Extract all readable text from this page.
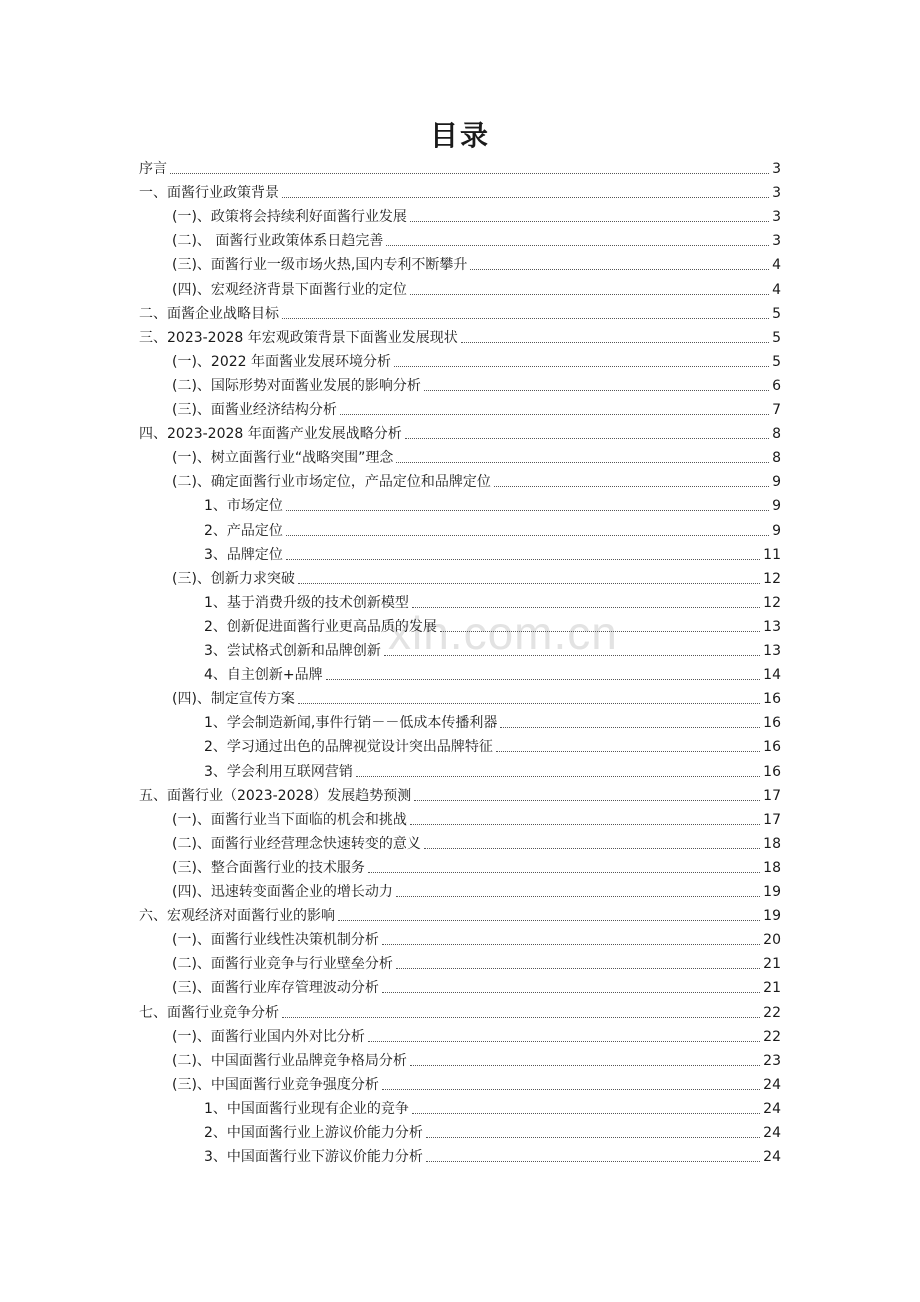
目录
xin.com.cn
序言	3
一、面酱行业政策背景	3
(一)、政策将会持续利好面酱行业发展	3
(二)、 面酱行业政策体系日趋完善	3
(三)、面酱行业一级市场火热,国内专利不断攀升	4
(四)、宏观经济背景下面酱行业的定位	4
二、面酱企业战略目标	5
三、2023-2028 年宏观政策背景下面酱业发展现状	5
(一)、2022 年面酱业发展环境分析	5
(二)、国际形势对面酱业发展的影响分析	6
(三)、面酱业经济结构分析	7
四、2023-2028 年面酱产业发展战略分析	8
(一)、树立面酱行业“战略突围”理念	8
(二)、确定面酱行业市场定位，产品定位和品牌定位	9
1、市场定位	9
2、产品定位	9
3、品牌定位	11
(三)、创新力求突破	12
1、基于消费升级的技术创新模型	12
2、创新促进面酱行业更高品质的发展	13
3、尝试格式创新和品牌创新	13
4、自主创新+品牌	14
(四)、制定宣传方案	16
1、学会制造新闻,事件行销－－低成本传播利器	16
2、学习通过出色的品牌视觉设计突出品牌特征	16
3、学会利用互联网营销	16
五、面酱行业（2023-2028）发展趋势预测	17
(一)、面酱行业当下面临的机会和挑战	17
(二)、面酱行业经营理念快速转变的意义	18
(三)、整合面酱行业的技术服务	18
(四)、迅速转变面酱企业的增长动力	19
六、宏观经济对面酱行业的影响	19
(一)、面酱行业线性决策机制分析	20
(二)、面酱行业竞争与行业壁垒分析	21
(三)、面酱行业库存管理波动分析	21
七、面酱行业竞争分析	22
(一)、面酱行业国内外对比分析	22
(二)、中国面酱行业品牌竞争格局分析	23
(三)、中国面酱行业竞争强度分析	24
1、中国面酱行业现有企业的竞争	24
2、中国面酱行业上游议价能力分析	24
3、中国面酱行业下游议价能力分析	24
